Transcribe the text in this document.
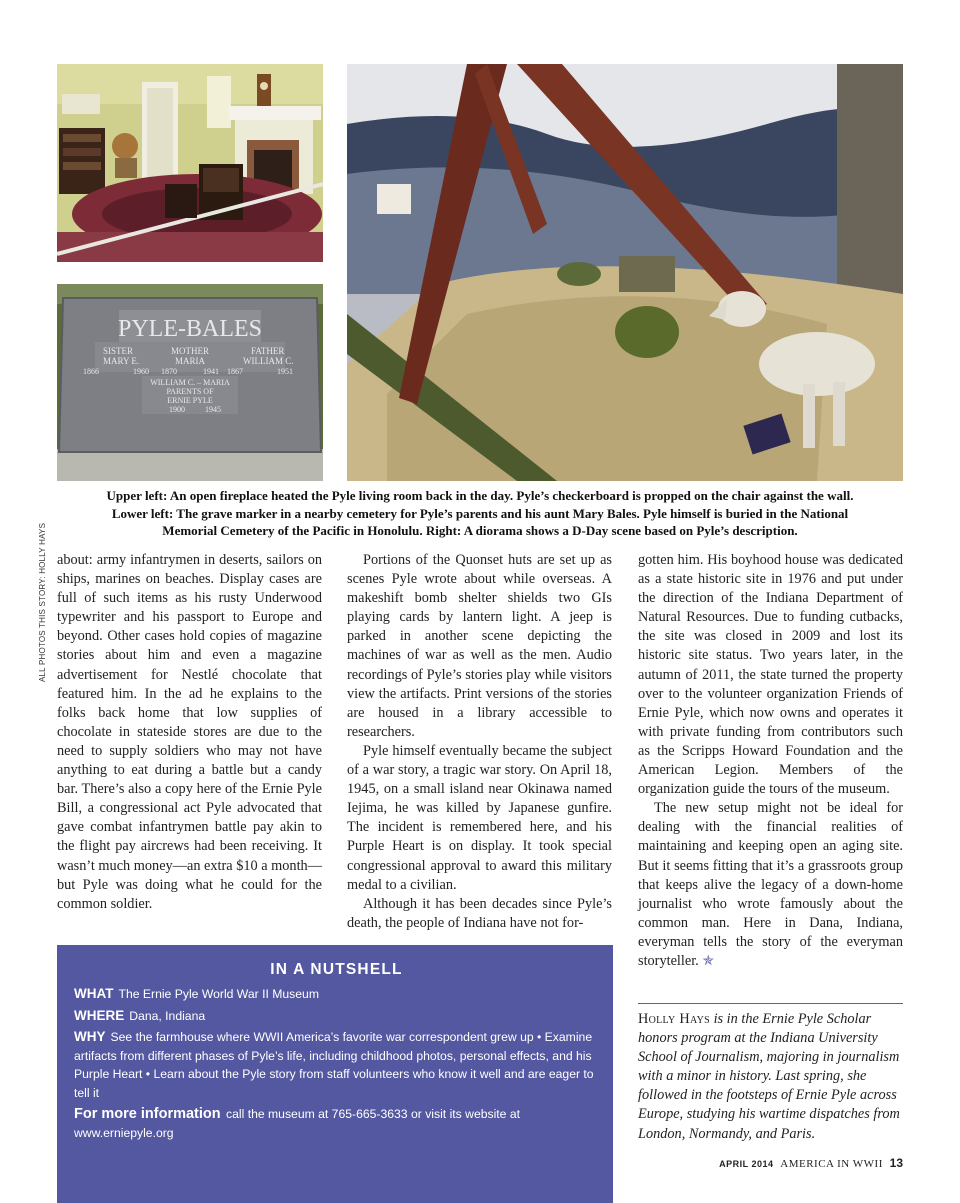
PYLE-BALES
SISTER
MARY E.
1866	1960
MOTHER
MARIA
1870	1941
FATHER
WILLIAM C.
1867	1951
WILLIAM C. – MARIA
PARENTS OF
ERNIE PYLE
1900	1945
ALL PHOTOS THIS STORY: HOLLY HAYS
Upper left: An open fireplace heated the Pyle living room back in the day. Pyle’s checkerboard is propped on the chair against the wall.
Lower left: The grave marker in a nearby cemetery for Pyle’s parents and his aunt Mary Bales. Pyle himself is buried in the National
Memorial Cemetery of the Pacific in Honolulu. Right: A diorama shows a D-Day scene based on Pyle’s description.

about: army infantrymen in deserts, sailors on ships, marines on beaches. Display cases are full of such items as his rusty Underwood typewriter and his passport to Europe and beyond. Other cases hold copies of magazine stories about him and even a magazine advertisement for Nestlé chocolate that featured him. In the ad he explains to the folks back home that low supplies of chocolate in stateside stores are due to the need to supply soldiers who may not have anything to eat during a battle but a candy bar. There’s also a copy here of the Ernie Pyle Bill, a congressional act Pyle advocated that gave combat infantrymen battle pay akin to the flight pay aircrews had been receiving. It wasn’t much money—an extra $10 a month—but Pyle was doing what he could for the common soldier.

Portions of the Quonset huts are set up as scenes Pyle wrote about while overseas. A makeshift bomb shelter shields two GIs playing cards by lantern light. A jeep is parked in another scene depicting the machines of war as well as the men. Audio recordings of Pyle’s stories play while visitors view the artifacts. Print versions of the stories are housed in a library accessible to researchers.

Pyle himself eventually became the subject of a war story, a tragic war story. On April 18, 1945, on a small island near Okinawa named Iejima, he was killed by Japanese gunfire. The incident is remembered here, and his Purple Heart is on display. It took special congressional approval to award this military medal to a civilian.

Although it has been decades since Pyle’s death, the people of Indiana have not for-

gotten him. His boyhood house was dedicated as a state historic site in 1976 and put under the direction of the Indiana Department of Natural Resources. Due to funding cutbacks, the site was closed in 2009 and lost its historic site status. Two years later, in the autumn of 2011, the state turned the property over to the volunteer organization Friends of Ernie Pyle, which now owns and operates it with private funding from contributors such as the Scripps Howard Foundation and the American Legion. Members of the organization guide the tours of the museum.

The new setup might not be ideal for dealing with the financial realities of maintaining and keeping open an aging site. But it seems fitting that it’s a grassroots group that keeps alive the legacy of a down-home journalist who wrote famously about the common man. Here in Dana, Indiana, everyman tells the story of the everyman storyteller. ✯

Holly Hays is in the Ernie Pyle Scholar honors program at the Indiana University School of Journalism, majoring in journalism with a minor in history. Last spring, she followed in the footsteps of Ernie Pyle across Europe, studying his wartime dispatches from London, Normandy, and Paris.
IN A NUTSHELL
WHAT The Ernie Pyle World War II Museum
WHERE Dana, Indiana
WHY See the farmhouse where WWII America’s favorite war correspondent grew up • Examine artifacts from different phases of Pyle’s life, including childhood photos, personal effects, and his Purple Heart • Learn about the Pyle story from staff volunteers who know it well and are eager to tell it
For more information call the museum at 765-665-3633 or visit its website at www.erniepyle.org
APRIL 2014 AMERICA IN WWII 13
